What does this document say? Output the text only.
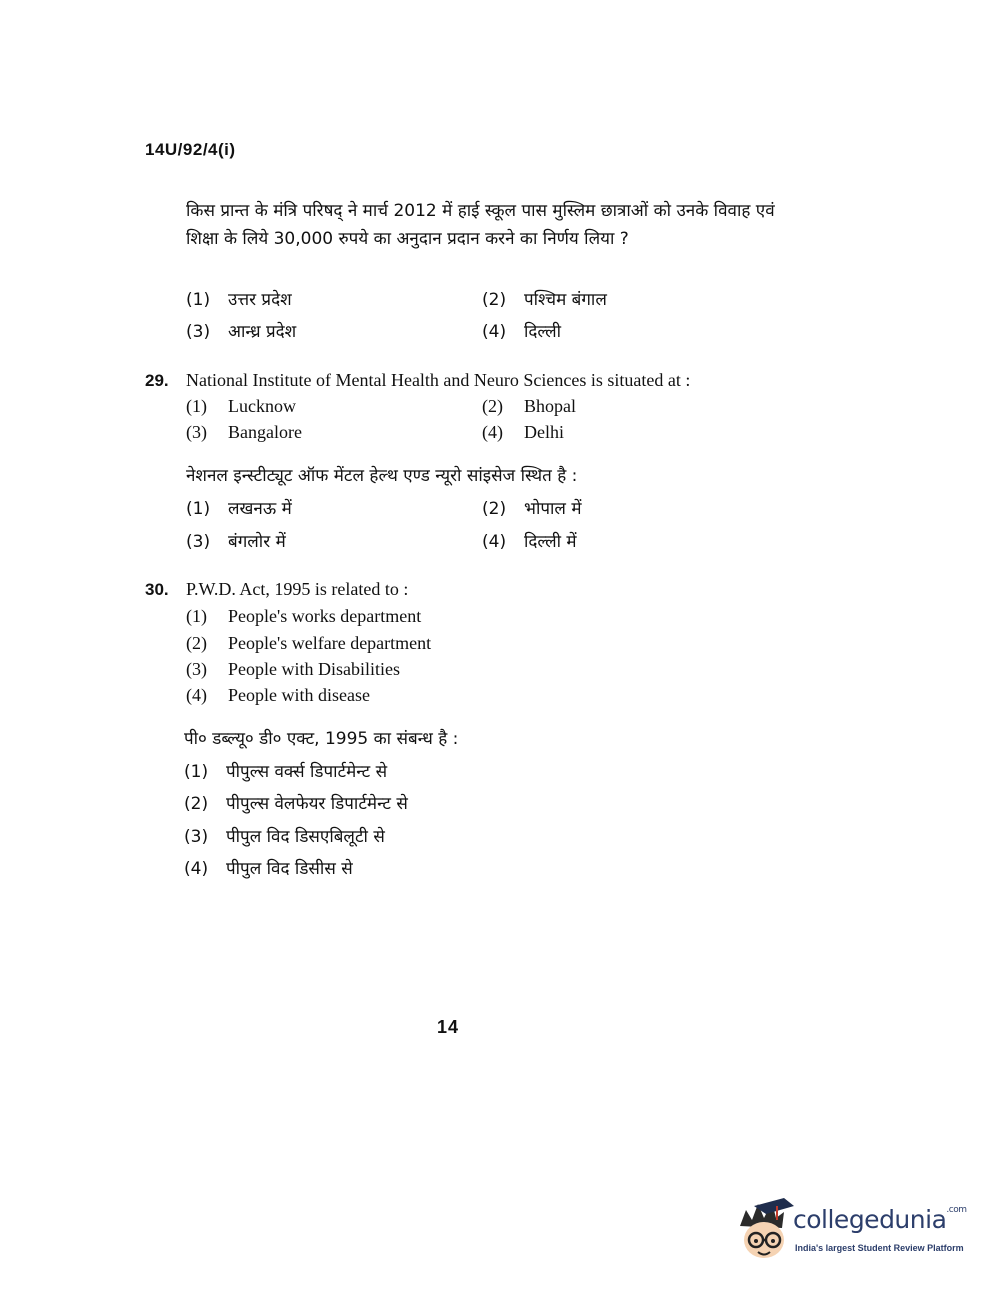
14U/92/4(i)
किस प्रान्त के मंत्रि परिषद् ने मार्च 2012 में हाई स्कूल पास मुस्लिम छात्राओं को उनके विवाह एवं शिक्षा के लिये 30,000 रुपये का अनुदान प्रदान करने का निर्णय लिया ?
(1) उत्तर प्रदेश	(2) पश्चिम बंगाल
(3) आन्ध्र प्रदेश	(4) दिल्ली
29. National Institute of Mental Health and Neuro Sciences is situated at :
(1) Lucknow	(2) Bhopal
(3) Bangalore	(4) Delhi
नेशनल इन्स्टीट्यूट ऑफ मेंटल हेल्थ एण्ड न्यूरो सांइसेज स्थित है :
(1) लखनऊ में	(2) भोपाल में
(3) बंगलोर में	(4) दिल्ली में
30. P.W.D. Act, 1995 is related to :
(1) People's works department
(2) People's welfare department
(3) People with Disabilities
(4) People with disease
पी० डब्ल्यू० डी० एक्ट, 1995 का संबन्ध है :
(1) पीपुल्स वर्क्स डिपार्टमेन्ट से
(2) पीपुल्स वेलफेयर डिपार्टमेन्ट से
(3) पीपुल विद डिसएबिलूटी से
(4) पीपुल विद डिसीस से
14
collegedunia$^{.com}$
India's largest Student Review Platform
